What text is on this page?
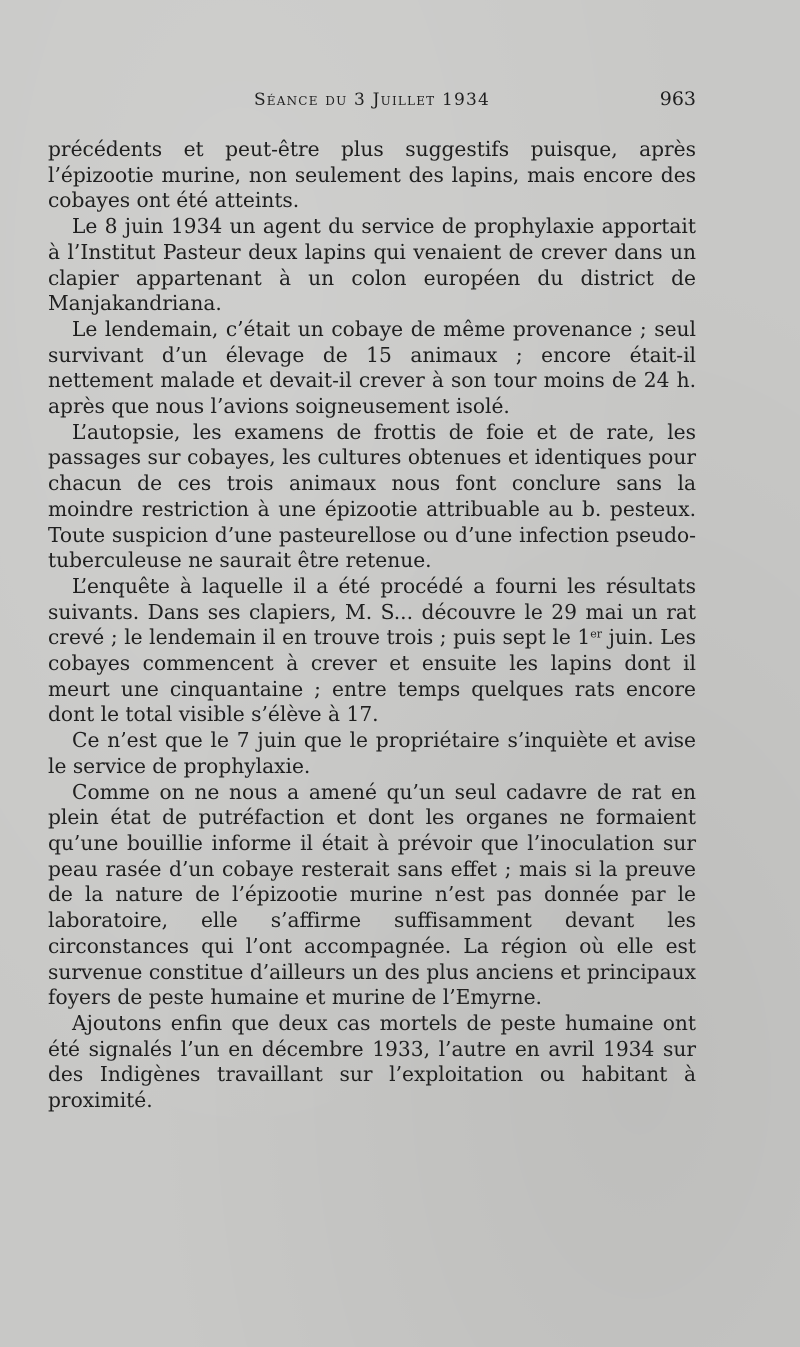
Séance du 3 Juillet 1934	963

précédents et peut-être plus suggestifs puisque, après l’épizootie murine, non seulement des lapins, mais encore des cobayes ont été atteints.

Le 8 juin 1934 un agent du service de prophylaxie apportait à l’Institut Pasteur deux lapins qui venaient de crever dans un clapier appartenant à un colon européen du district de Manjakandriana.

Le lendemain, c’était un cobaye de même provenance ; seul survivant d’un élevage de 15 animaux ; encore était-il nettement malade et devait-il crever à son tour moins de 24 h. après que nous l’avions soigneusement isolé.

L’autopsie, les examens de frottis de foie et de rate, les passages sur cobayes, les cultures obtenues et identiques pour chacun de ces trois animaux nous font conclure sans la moindre restriction à une épizootie attribuable au b. pesteux. Toute suspicion d’une pasteurellose ou d’une infection pseudo-tuberculeuse ne saurait être retenue.

L’enquête à laquelle il a été procédé a fourni les résultats suivants. Dans ses clapiers, M. S... découvre le 29 mai un rat crevé ; le lendemain il en trouve trois ; puis sept le 1er juin. Les cobayes commencent à crever et ensuite les lapins dont il meurt une cinquantaine ; entre temps quelques rats encore dont le total visible s’élève à 17.

Ce n’est que le 7 juin que le propriétaire s’inquiète et avise le service de prophylaxie.

Comme on ne nous a amené qu’un seul cadavre de rat en plein état de putréfaction et dont les organes ne formaient qu’une bouillie informe il était à prévoir que l’inoculation sur peau rasée d’un cobaye resterait sans effet ; mais si la preuve de la nature de l’épizootie murine n’est pas donnée par le laboratoire, elle s’affirme suffisamment devant les circonstances qui l’ont accompagnée. La région où elle est survenue constitue d’ailleurs un des plus anciens et principaux foyers de peste humaine et murine de l’Emyrne.

Ajoutons enfin que deux cas mortels de peste humaine ont été signalés l’un en décembre 1933, l’autre en avril 1934 sur des Indigènes travaillant sur l’exploitation ou habitant à proximité.
